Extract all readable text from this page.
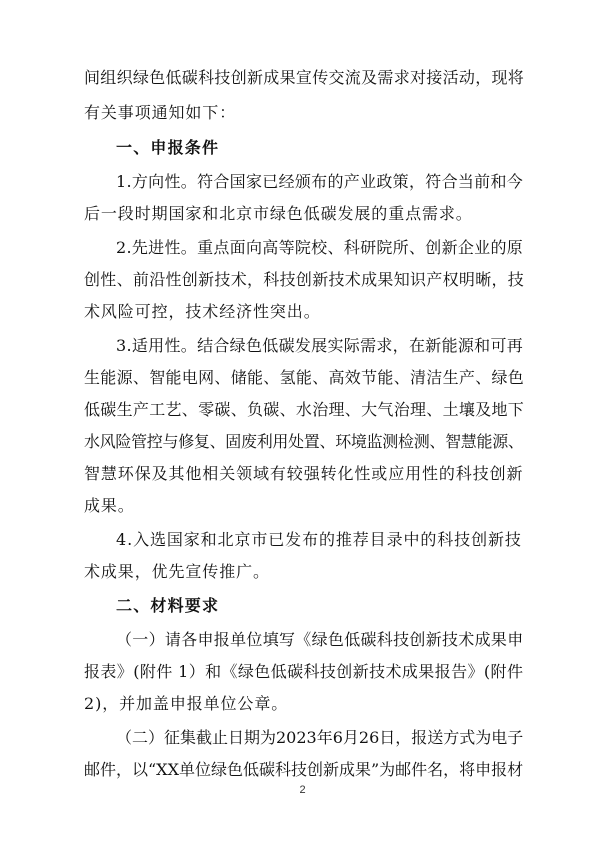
间组织绿色低碳科技创新成果宣传交流及需求对接活动，现将
有关事项通知如下：
一、申报条件
1.方向性。符合国家已经颁布的产业政策，符合当前和今
后一段时期国家和北京市绿色低碳发展的重点需求。
2.先进性。重点面向高等院校、科研院所、创新企业的原
创性、前沿性创新技术，科技创新技术成果知识产权明晰，技
术风险可控，技术经济性突出。
3.适用性。结合绿色低碳发展实际需求，在新能源和可再
生能源、智能电网、储能、氢能、高效节能、清洁生产、绿色
低碳生产工艺、零碳、负碳、水治理、大气治理、土壤及地下
水风险管控与修复、固废利用处置、环境监测检测、智慧能源、
智慧环保及其他相关领域有较强转化性或应用性的科技创新
成果。
4.入选国家和北京市已发布的推荐目录中的科技创新技
术成果，优先宣传推广。
二、材料要求
（一）请各申报单位填写《绿色低碳科技创新技术成果申
报表》(附件 1）和《绿色低碳科技创新技术成果报告》(附件
2)，并加盖申报单位公章。
（二）征集截止日期为2023年6月26日，报送方式为电子
邮件，以“XX单位绿色低碳科技创新成果”为邮件名，将申报材
2
